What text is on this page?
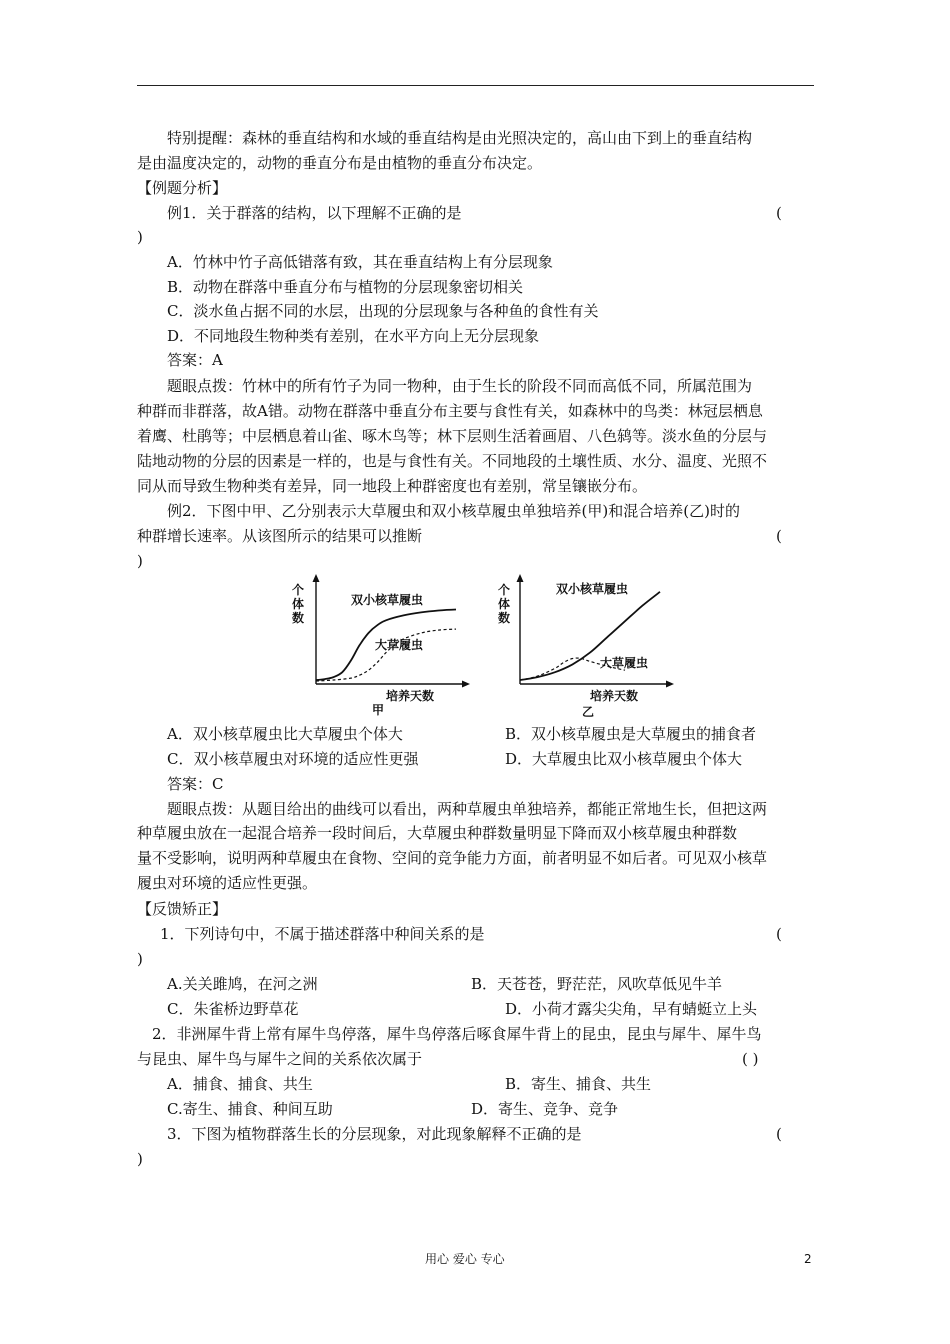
特别提醒：森林的垂直结构和水域的垂直结构是由光照决定的，高山由下到上的垂直结构
是由温度决定的，动物的垂直分布是由植物的垂直分布决定。
【例题分析】
例1．关于群落的结构，以下理解不正确的是	(
)
A．竹林中竹子高低错落有致，其在垂直结构上有分层现象
B．动物在群落中垂直分布与植物的分层现象密切相关
C．淡水鱼占据不同的水层，出现的分层现象与各种鱼的食性有关
D．不同地段生物种类有差别，在水平方向上无分层现象
答案：A
题眼点拨：竹林中的所有竹子为同一物种，由于生长的阶段不同而高低不同，所属范围为
种群而非群落，故A错。动物在群落中垂直分布主要与食性有关，如森林中的鸟类：林冠层栖息
着鹰、杜鹃等；中层栖息着山雀、啄木鸟等；林下层则生活着画眉、八色鸫等。淡水鱼的分层与
陆地动物的分层的因素是一样的，也是与食性有关。不同地段的土壤性质、水分、温度、光照不
同从而导致生物种类有差异，同一地段上种群密度也有差别，常呈镶嵌分布。
例2．下图中甲、乙分别表示大草履虫和双小核草履虫单独培养(甲)和混合培养(乙)时的
种群增长速率。从该图所示的结果可以推断	(
)
个
体
数
双小核草履虫
大草履虫
培养天数
甲
个
体
数
双小核草履虫
大草履虫
培养天数
乙
A．双小核草履虫比大草履虫个体大	B．双小核草履虫是大草履虫的捕食者
C．双小核草履虫对环境的适应性更强	D．大草履虫比双小核草履虫个体大
答案：C
题眼点拨：从题目给出的曲线可以看出，两种草履虫单独培养，都能正常地生长，但把这两
种草履虫放在一起混合培养一段时间后，大草履虫种群数量明显下降而双小核草履虫种群数
量不受影响，说明两种草履虫在食物、空间的竞争能力方面，前者明显不如后者。可见双小核草
履虫对环境的适应性更强。
【反馈矫正】
1．下列诗句中，不属于描述群落中种间关系的是	(
)
A.关关雎鸠，在河之洲	B．天苍苍，野茫茫，风吹草低见牛羊
C．朱雀桥边野草花	D．小荷才露尖尖角，早有蜻蜓立上头
2．非洲犀牛背上常有犀牛鸟停落，犀牛鸟停落后啄食犀牛背上的昆虫，昆虫与犀牛、犀牛鸟
与昆虫、犀牛鸟与犀牛之间的关系依次属于	( )
A．捕食、捕食、共生	B．寄生、捕食、共生
C.寄生、捕食、种间互助	D．寄生、竞争、竞争
3．下图为植物群落生长的分层现象，对此现象解释不正确的是	(
)
用心 爱心 专心	2
